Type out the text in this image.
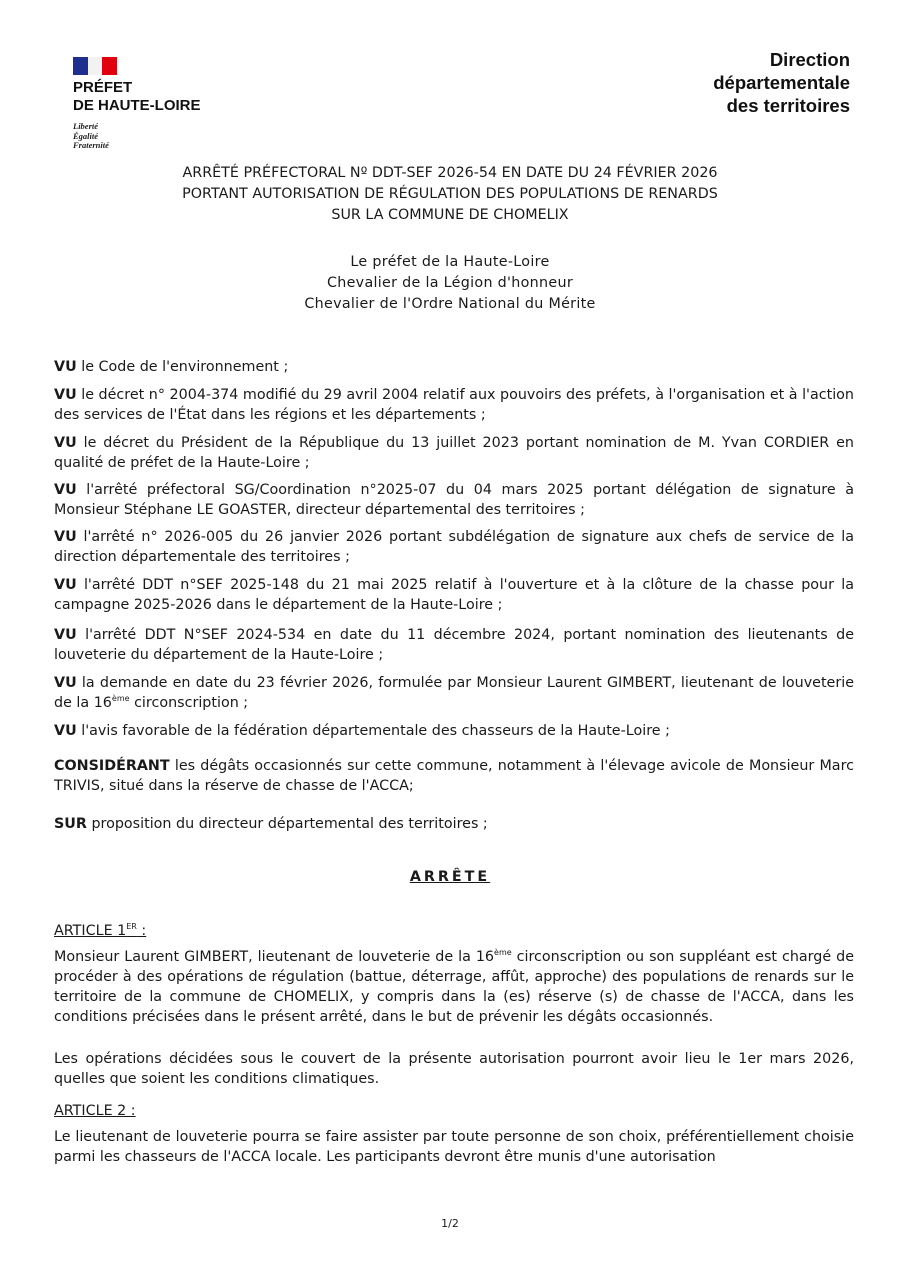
PRÉFET
DE HAUTE-LOIRE
Liberté
Égalité
Fraternité
Direction
départementale
des territoires
ARRÊTÉ PRÉFECTORAL Nº DDT-SEF 2026-54 EN DATE DU 24 FÉVRIER 2026
PORTANT AUTORISATION DE RÉGULATION DES POPULATIONS DE RENARDS
SUR LA COMMUNE DE CHOMELIX
Le préfet de la Haute-Loire
Chevalier de la Légion d'honneur
Chevalier de l'Ordre National du Mérite
VU le Code de l'environnement ;
VU le décret n° 2004-374 modifié du 29 avril 2004 relatif aux pouvoirs des préfets, à l'organisation et à l'action des services de l'État dans les régions et les départements ;
VU le décret du Président de la République du 13 juillet 2023 portant nomination de M. Yvan CORDIER en qualité de préfet de la Haute-Loire ;
VU l'arrêté préfectoral SG/Coordination n°2025-07 du 04 mars 2025 portant délégation de signature à Monsieur Stéphane LE GOASTER, directeur départemental des territoires ;
VU l'arrêté n° 2026-005 du 26 janvier 2026 portant subdélégation de signature aux chefs de service de la direction départementale des territoires ;
VU l'arrêté DDT n°SEF 2025-148 du 21 mai 2025 relatif à l'ouverture et à la clôture de la chasse pour la campagne 2025-2026 dans le département de la Haute-Loire ;
VU l'arrêté DDT N°SEF 2024-534 en date du 11 décembre 2024, portant nomination des lieutenants de louveterie du département de la Haute-Loire ;
VU la demande en date du 23 février 2026, formulée par Monsieur Laurent GIMBERT, lieutenant de louveterie de la 16ème circonscription ;
VU l'avis favorable de la fédération départementale des chasseurs de la Haute-Loire ;
CONSIDÉRANT les dégâts occasionnés sur cette commune, notamment à l'élevage avicole de Monsieur Marc TRIVIS, situé dans la réserve de chasse de l'ACCA;
SUR proposition du directeur départemental des territoires ;
ARRÊTE
ARTICLE 1ER :
Monsieur Laurent GIMBERT, lieutenant de louveterie de la 16ème circonscription ou son suppléant est chargé de procéder à des opérations de régulation (battue, déterrage, affût, approche) des populations de renards sur le territoire de la commune de CHOMELIX, y compris dans la (es) réserve (s) de chasse de l'ACCA, dans les conditions précisées dans le présent arrêté, dans le but de prévenir les dégâts occasionnés.
Les opérations décidées sous le couvert de la présente autorisation pourront avoir lieu le 1er mars 2026, quelles que soient les conditions climatiques.
ARTICLE 2 :
Le lieutenant de louveterie pourra se faire assister par toute personne de son choix, préférentiellement choisie parmi les chasseurs de l'ACCA locale. Les participants devront être munis d'une autorisation
1/2
